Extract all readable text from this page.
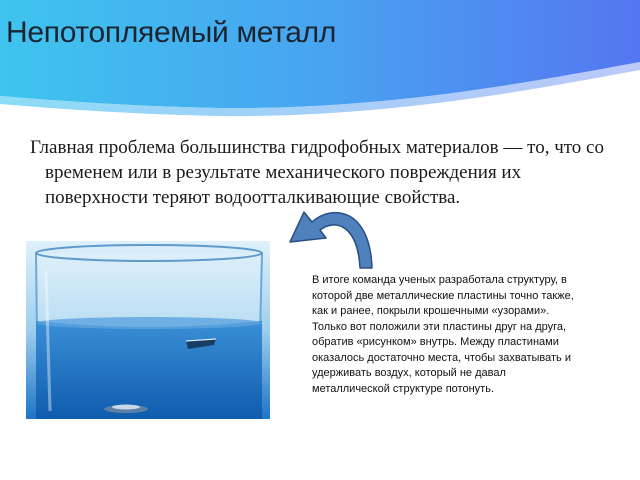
Непотопляемый металл

Главная проблема большинства гидрофобных материалов — то, что со временем или в результате механического повреждения их поверхности теряют водоотталкивающие свойства.

В итоге команда ученых разработала структуру, в которой две металлические пластины точно также, как и ранее, покрыли крошечными «узорами». Только вот положили эти пластины друг на друга, обратив «рисунком» внутрь. Между пластинами оказалось достаточно места, чтобы захватывать и удерживать воздух, который не давал металлической структуре потонуть.
